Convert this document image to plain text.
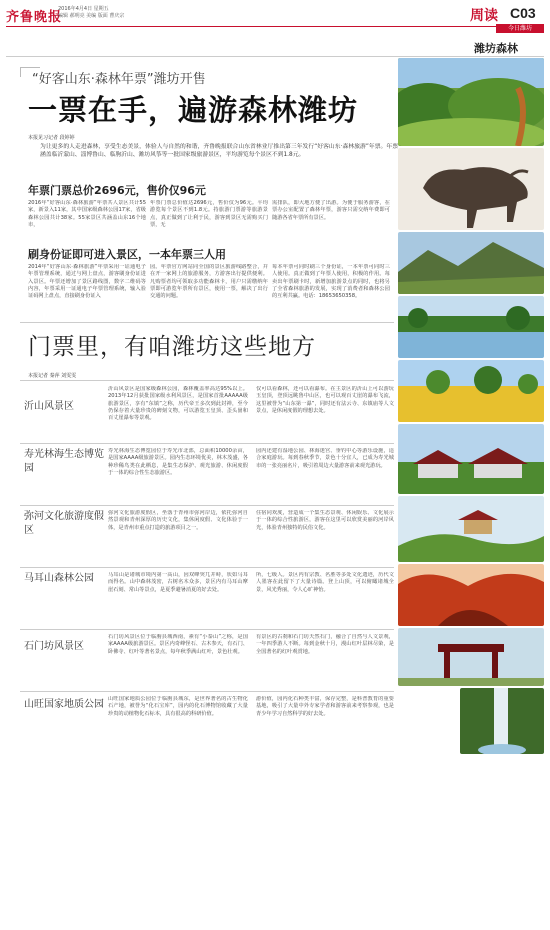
齐鲁晚报
2016年4月4日 星期五
编辑 郝明亮 美编 版面 曹庆宗	周读 C03
今日潍坊
潍坊森林
“好客山东·森林年票”潍坊开售
一票在手，遍游森林潍坊
本报见习记者 段婷婷
为让更多的人走进森林，享受生态美景，体验人与自然的和谐，齐鲁晚报联合山东省林业厅推出第三年发行“好客山东·森林旅游”年票。年票涵盖临沂蒙山、淄博鲁山、临朐沂山、潍坊风筝等一批国家级旅游景区，平均游览每个景区不到1.8元。
年票门票总价2696元，售价仅96元
2016年“好客山东·森林旅游”年票共人景区共计55家，新景入11家，其中国家级森林公园17家，省级森林公园共计38家。55家景区共涵盖山东16个地市，
年票门票总价值达2696元，售价仅为96元。平均游览每个景区不到1.8元。持旅游门票游等旅游景点，真正做到了让利于民，游客到景区无需购买门票，无
需排队，即大地方便了出游。为便于服务游客，在票办公室配置了森林年票，游客只需交纳年费即可随游各省年票所有景区。
刷身份证即可进入景区，一本年票三人用
2014年“好客山东·森林旅游”年票采用一证通电子年票管理系统，通过与网上盘点，游客刷身份证进入景区。年票还增加了景区路线图，数字二维码等内容，年票采用一证通电子年票管理系统，输入验证码网上盘点，直接刷身份证入
园。年票官方网站同全国的景区旅游线路整合，并在开一家网上的旅游服务，方游客出行提供便利。凡购票者均可领取多功能森林卡，用户只需缴纳年票即可游览年票所有景区，使用一票，解决了出行交通的问题。
每本年票可同时刷三个身份证，一本年票可同时三人使用。真正做到了年票人使用，积极的作用。每卖出年票刷卡时，新增加旅游景点的同时，也将另了全省森林旅游的发展，实现了消费者和森林公园的互利共赢。电话：18653650358。
门票里，有咱潍坊这些地方
本报记者 秦萍 刘雯雯
沂山风景区
沂山风景区是国家级森林公园，森林覆盖率高达95%以上。2013年12月获批国家级水利风景区，是国家首批AAAAA级旅游景区，享有“东镇”之称，历代帝王多次到此封禅，至今仍保存着大量珍贵的碑刻文物，可以游览玉皇顶、歪头崮和百丈崖瀑布等景观。
仅可以看森林，还可以看瀑布。在主景区的沂山上可以游玩玉皇顶，登顶远眺鲁中山区，也可以观百丈崖的瀑布飞流，这里被誉为“山东第一瀑”，同时还有法云寺、东镇庙等人文景点，是休闲度假的理想去处。
寿光林海生态博览园
寿光林海生态博览园位于寿光市北部，总面积10000余亩，是国家AAAA级旅游景区。园内生态环境优美，林木茂盛，各种珍稀鸟类在此栖息，是集生态保护、观光旅游、休闲度假于一体的综合性生态旅游区。
园内还建有湿地公园、林海迷宫、垂钓中心等游乐设施，适合家庭游玩。每到春秋季节，景色十分宜人，已成为寿光城市的一张亮丽名片，吸引着周边大量游客前来观光游玩。
弥河文化旅游度假区
弥河文化旅游度假区，坐落于青州市弥河岸边，依托弥河自然景观和青州深厚的历史文化，集休闲度假、文化体验于一体，是青州市重点打造的旅游项目之一。
住宿同欢度，营造成一个集生态景观、休闲娱乐、文化展示于一体的综合性旅游区，游客在这里可以欣赏美丽的河岸风光，体验青州独特的民俗文化。
马耳山森林公园	马耳山是诸城市境内第一高山，因双峰突兀并峙，状如马耳而得名。山中森林茂密，古树名木众多，景区内有马耳山摩崖石刻、常山等景点，是夏季避暑消夏的好去处。
所，七级人。景区内有宗教、名胜等多处文化遗迹，历代文人墨客在此留下了大量诗篇。登上山顶，可以俯瞰诸城全景，风光秀丽，令人心旷神怡。
石门坊风景区
石门坊风景区位于临朐县城西南，素有“小泰山”之称，是国家AAAA级旅游景区。景区内奇峰怪石、古木参天，有石门、卧佛寺、红叶等著名景点，每年秋季满山红叶，景色壮观。
有景区的古刹和石门坊天然石门，融合了自然与人文景观，一年四季游人不断。每到金秋十月，漫山红叶层林尽染，是全国著名的红叶观赏地。
山旺国家地质公园 山旺国家地质公园位于临朐县城东，是世界著名的古生物化石产地，被誉为“化石宝库”，园内的化石博物馆收藏了大量珍贵的动植物化石标本，具有很高的科研价值。
游价值，园内化石种类丰富，保存完整，是科普教育的重要基地，吸引了大量中外专家学者和游客前来考察参观，也是青少年学习自然科学的好去处。
